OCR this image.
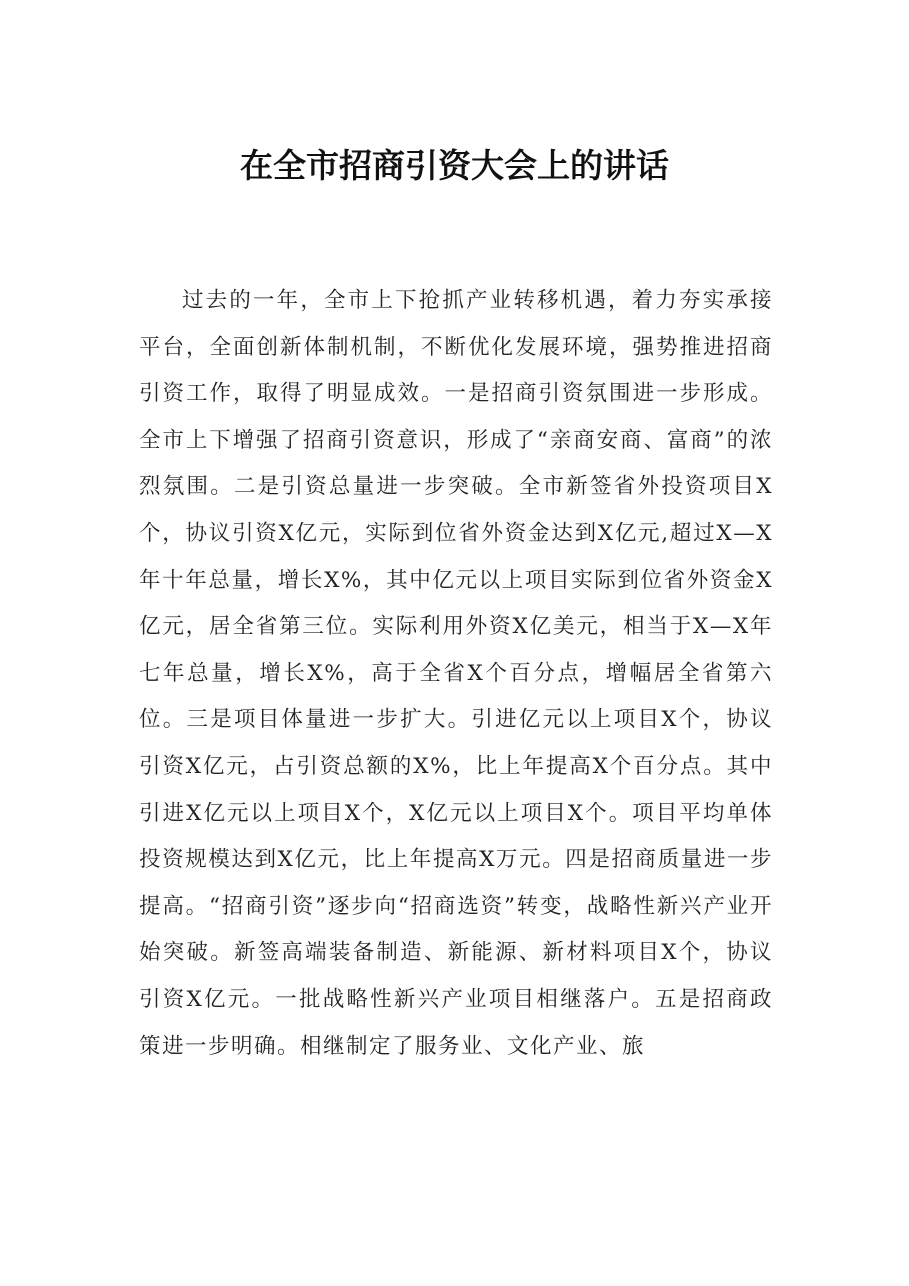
在全市招商引资大会上的讲话

过去的一年，全市上下抢抓产业转移机遇，着力夯实承接平台，全面创新体制机制，不断优化发展环境，强势推进招商引资工作，取得了明显成效。一是招商引资氛围进一步形成。全市上下增强了招商引资意识，形成了“亲商安商、富商”的浓烈氛围。二是引资总量进一步突破。全市新签省外投资项目X个，协议引资X亿元，实际到位省外资金达到X亿元,超过X—X年十年总量，增长X%，其中亿元以上项目实际到位省外资金X亿元，居全省第三位。实际利用外资X亿美元，相当于X—X年七年总量，增长X%，高于全省X个百分点，增幅居全省第六位。三是项目体量进一步扩大。引进亿元以上项目X个，协议引资X亿元，占引资总额的X%，比上年提高X个百分点。其中引进X亿元以上项目X个，X亿元以上项目X个。项目平均单体投资规模达到X亿元，比上年提高X万元。四是招商质量进一步提高。“招商引资”逐步向“招商选资”转变，战略性新兴产业开始突破。新签高端装备制造、新能源、新材料项目X个，协议引资X亿元。一批战略性新兴产业项目相继落户。五是招商政策进一步明确。相继制定了服务业、文化产业、旅
